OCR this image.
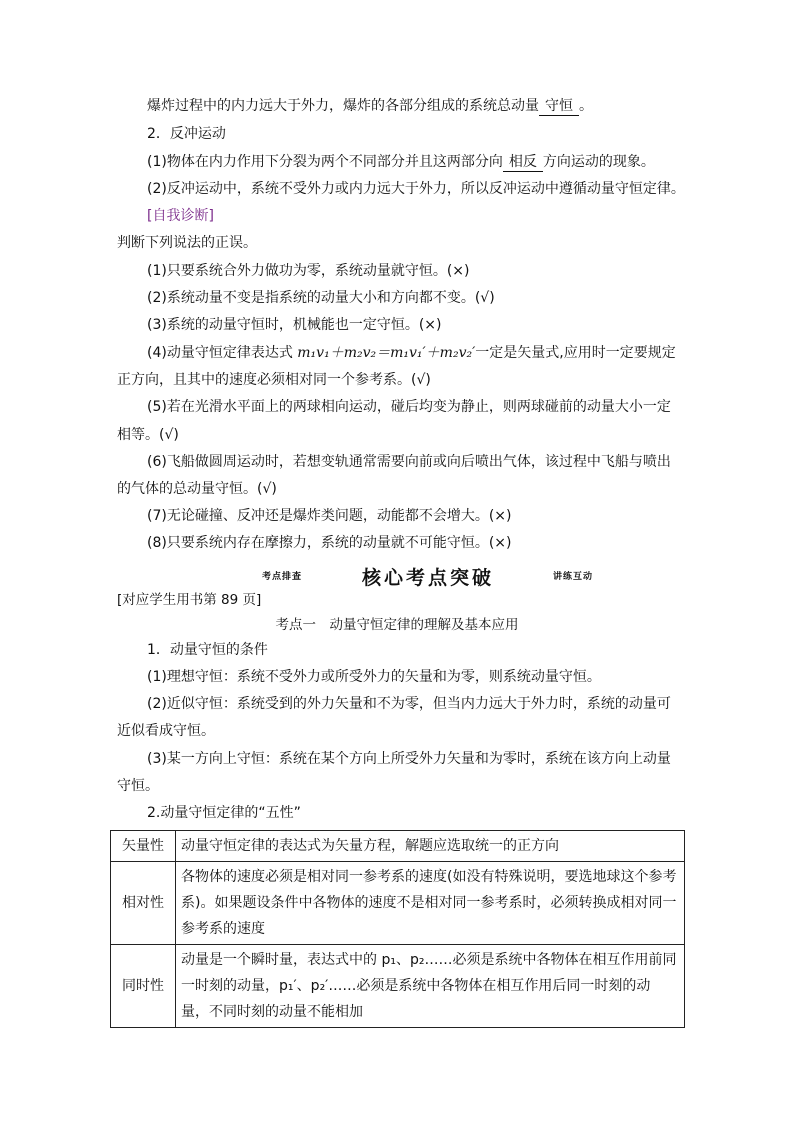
爆炸过程中的内力远大于外力，爆炸的各部分组成的系统总动量 守恒 。
2．反冲运动
(1)物体在内力作用下分裂为两个不同部分并且这两部分向 相反 方向运动的现象。
(2)反冲运动中，系统不受外力或内力远大于外力，所以反冲运动中遵循动量守恒定律。
[自我诊断]
判断下列说法的正误。
(1)只要系统合外力做功为零，系统动量就守恒。(×)
(2)系统动量不变是指系统的动量大小和方向都不变。(√)
(3)系统的动量守恒时，机械能也一定守恒。(×)
(4)动量守恒定律表达式 m₁v₁＋m₂v₂＝m₁v₁′＋m₂v₂′一定是矢量式,应用时一定要规定
正方向，且其中的速度必须相对同一个参考系。(√)
(5)若在光滑水平面上的两球相向运动，碰后均变为静止，则两球碰前的动量大小一定
相等。(√)
(6)飞船做圆周运动时，若想变轨通常需要向前或向后喷出气体，该过程中飞船与喷出
的气体的总动量守恒。(√)
(7)无论碰撞、反冲还是爆炸类问题，动能都不会增大。(×)
(8)只要系统内存在摩擦力，系统的动量就不可能守恒。(×)
考点排查	核心考点突破	讲练互动
[对应学生用书第 89 页]
考点一　动量守恒定律的理解及基本应用
1．动量守恒的条件
(1)理想守恒：系统不受外力或所受外力的矢量和为零，则系统动量守恒。
(2)近似守恒：系统受到的外力矢量和不为零，但当内力远大于外力时，系统的动量可
近似看成守恒。
(3)某一方向上守恒：系统在某个方向上所受外力矢量和为零时，系统在该方向上动量
守恒。
2.动量守恒定律的“五性”
矢量性	动量守恒定律的表达式为矢量方程，解题应选取统一的正方向

相对性	各物体的速度必须是相对同一参考系的速度(如没有特殊说明，要选地球这个参考
系)。如果题设条件中各物体的速度不是相对同一参考系时，必须转换成相对同一
参考系的速度

同时性	动量是一个瞬时量，表达式中的 p₁、p₂……必须是系统中各物体在相互作用前同
一时刻的动量，p₁′、p₂′……必须是系统中各物体在相互作用后同一时刻的动
量，不同时刻的动量不能相加
